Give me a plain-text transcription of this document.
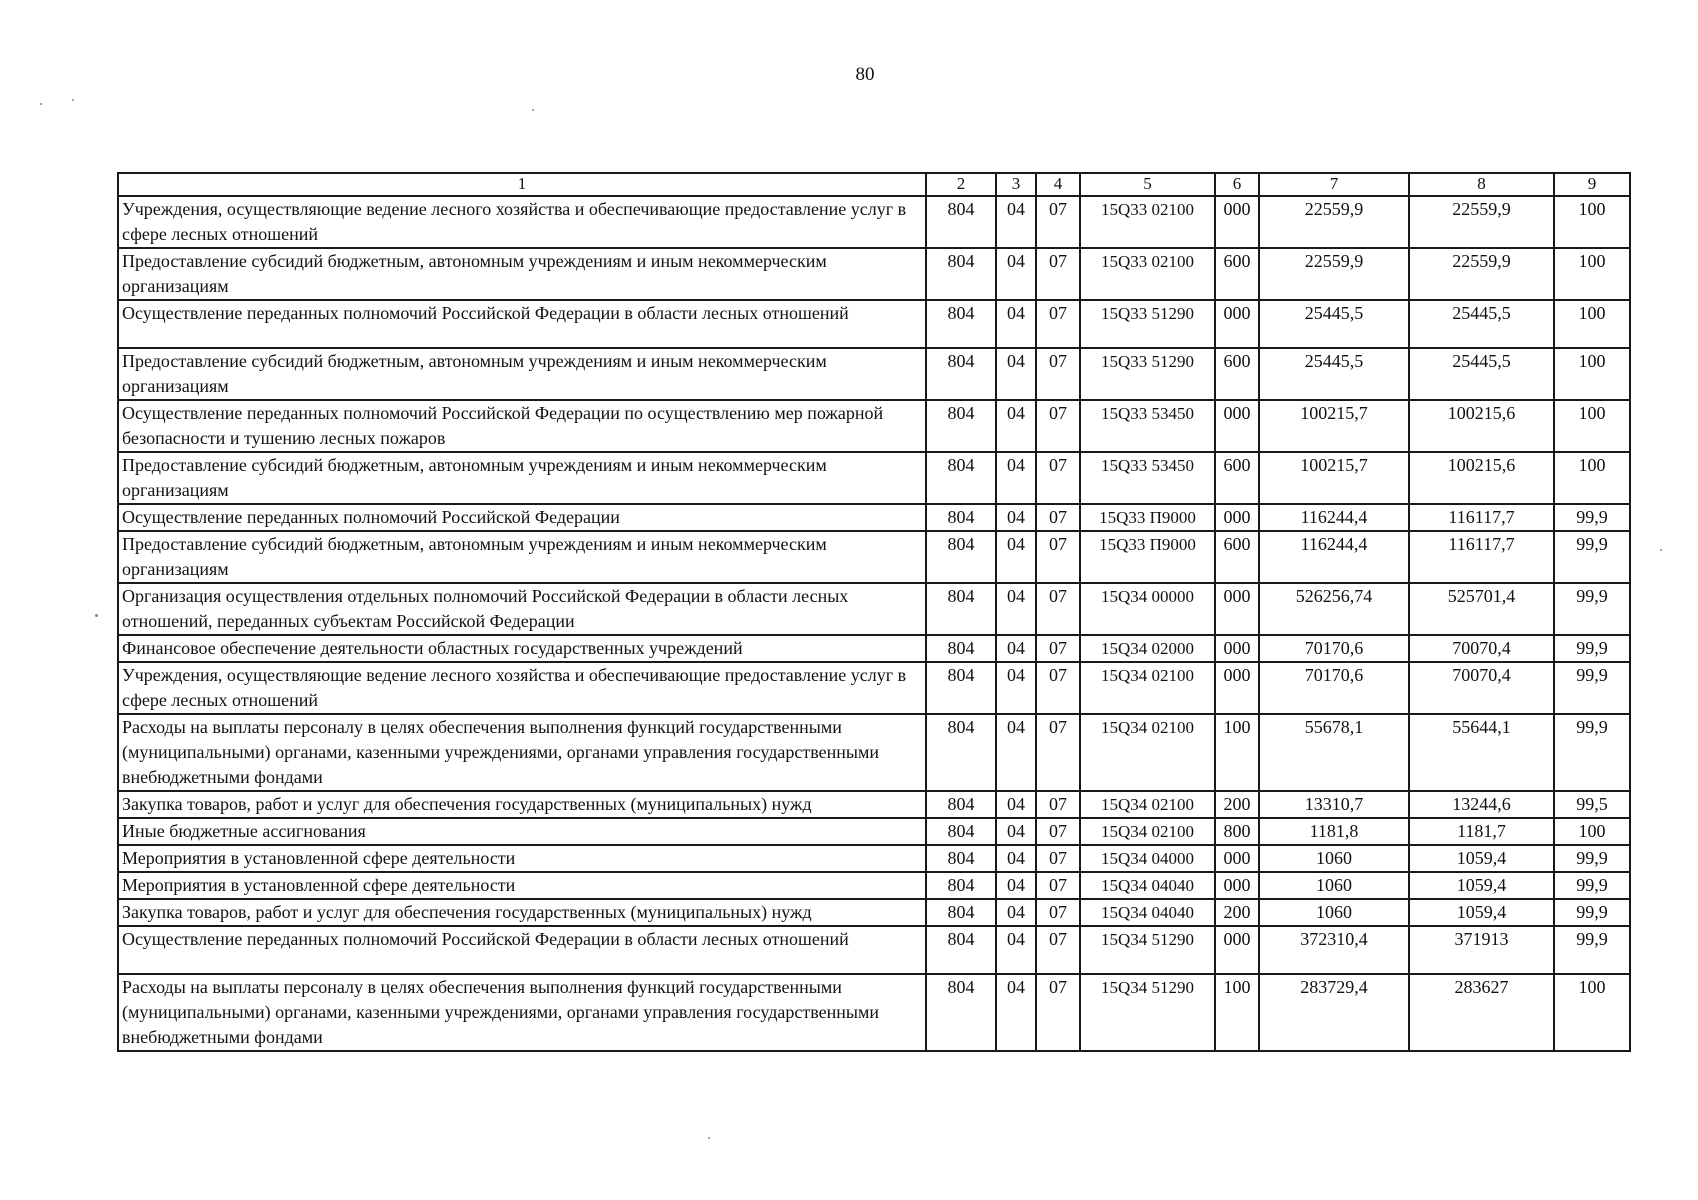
80
1	2	3	4	5	6	7	8	9
Учреждения, осуществляющие ведение лесного хозяйства и обеспечивающие предоставление услуг в сфере лесных отношений	804	04	07	15Q33 02100	000	22559,9	22559,9	100
Предоставление субсидий бюджетным, автономным учреждениям и иным некоммерческим организациям	804	04	07	15Q33 02100	600	22559,9	22559,9	100
Осуществление переданных полномочий Российской Федерации в области лесных отношений	804	04	07	15Q33 51290	000	25445,5	25445,5	100
Предоставление субсидий бюджетным, автономным учреждениям и иным некоммерческим организациям	804	04	07	15Q33 51290	600	25445,5	25445,5	100
Осуществление переданных полномочий Российской Федерации по осуществлению мер пожарной безопасности и тушению лесных пожаров	804	04	07	15Q33 53450	000	100215,7	100215,6	100
Предоставление субсидий бюджетным, автономным учреждениям и иным некоммерческим организациям	804	04	07	15Q33 53450	600	100215,7	100215,6	100
Осуществление переданных полномочий Российской Федерации	804	04	07	15Q33 П9000	000	116244,4	116117,7	99,9
Предоставление субсидий бюджетным, автономным учреждениям и иным некоммерческим организациям	804	04	07	15Q33 П9000	600	116244,4	116117,7	99,9
Организация осуществления отдельных полномочий Российской Федерации в области лесных отношений, переданных субъектам Российской Федерации	804	04	07	15Q34 00000	000	526256,74	525701,4	99,9
Финансовое обеспечение деятельности областных государственных учреждений	804	04	07	15Q34 02000	000	70170,6	70070,4	99,9
Учреждения, осуществляющие ведение лесного хозяйства и обеспечивающие предоставление услуг в сфере лесных отношений	804	04	07	15Q34 02100	000	70170,6	70070,4	99,9
Расходы на выплаты персоналу в целях обеспечения выполнения функций государственными (муниципальными) органами, казенными учреждениями, органами управления государственными внебюджетными фондами	804	04	07	15Q34 02100	100	55678,1	55644,1	99,9
Закупка товаров, работ и услуг для обеспечения государственных (муниципальных) нужд	804	04	07	15Q34 02100	200	13310,7	13244,6	99,5
Иные бюджетные ассигнования	804	04	07	15Q34 02100	800	1181,8	1181,7	100
Мероприятия в установленной сфере деятельности	804	04	07	15Q34 04000	000	1060	1059,4	99,9
Мероприятия в установленной сфере деятельности	804	04	07	15Q34 04040	000	1060	1059,4	99,9
Закупка товаров, работ и услуг для обеспечения государственных (муниципальных) нужд	804	04	07	15Q34 04040	200	1060	1059,4	99,9
Осуществление переданных полномочий Российской Федерации в области лесных отношений	804	04	07	15Q34 51290	000	372310,4	371913	99,9
Расходы на выплаты персоналу в целях обеспечения выполнения функций государственными (муниципальными) органами, казенными учреждениями, органами управления государственными внебюджетными фондами	804	04	07	15Q34 51290	100	283729,4	283627	100
